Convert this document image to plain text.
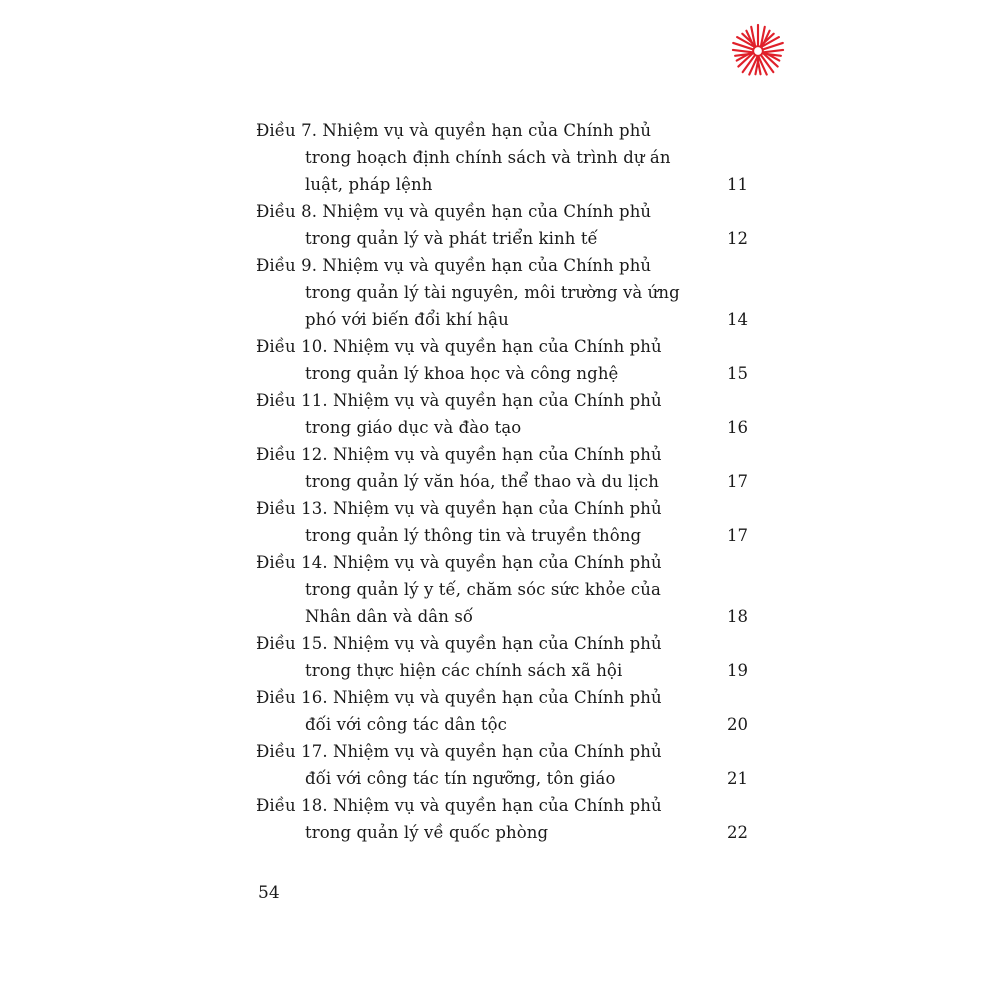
Điều 7. Nhiệm vụ và quyền hạn của Chính phủ
trong hoạch định chính sách và trình dự án
luật, pháp lệnh	11
Điều 8. Nhiệm vụ và quyền hạn của Chính phủ
trong quản lý và phát triển kinh tế	12
Điều 9. Nhiệm vụ và quyền hạn của Chính phủ
trong quản lý tài nguyên, môi trường và ứng
phó với biến đổi khí hậu	14
Điều 10. Nhiệm vụ và quyền hạn của Chính phủ
trong quản lý khoa học và công nghệ	15
Điều 11. Nhiệm vụ và quyền hạn của Chính phủ
trong giáo dục và đào tạo	16
Điều 12. Nhiệm vụ và quyền hạn của Chính phủ
trong quản lý văn hóa, thể thao và du lịch	17
Điều 13. Nhiệm vụ và quyền hạn của Chính phủ
trong quản lý thông tin và truyền thông	17
Điều 14. Nhiệm vụ và quyền hạn của Chính phủ
trong quản lý y tế, chăm sóc sức khỏe của
Nhân dân và dân số	18
Điều 15. Nhiệm vụ và quyền hạn của Chính phủ
trong thực hiện các chính sách xã hội	19
Điều 16. Nhiệm vụ và quyền hạn của Chính phủ
đối với công tác dân tộc	20
Điều 17. Nhiệm vụ và quyền hạn của Chính phủ
đối với công tác tín ngưỡng, tôn giáo	21
Điều 18. Nhiệm vụ và quyền hạn của Chính phủ
trong quản lý về quốc phòng	22
54
